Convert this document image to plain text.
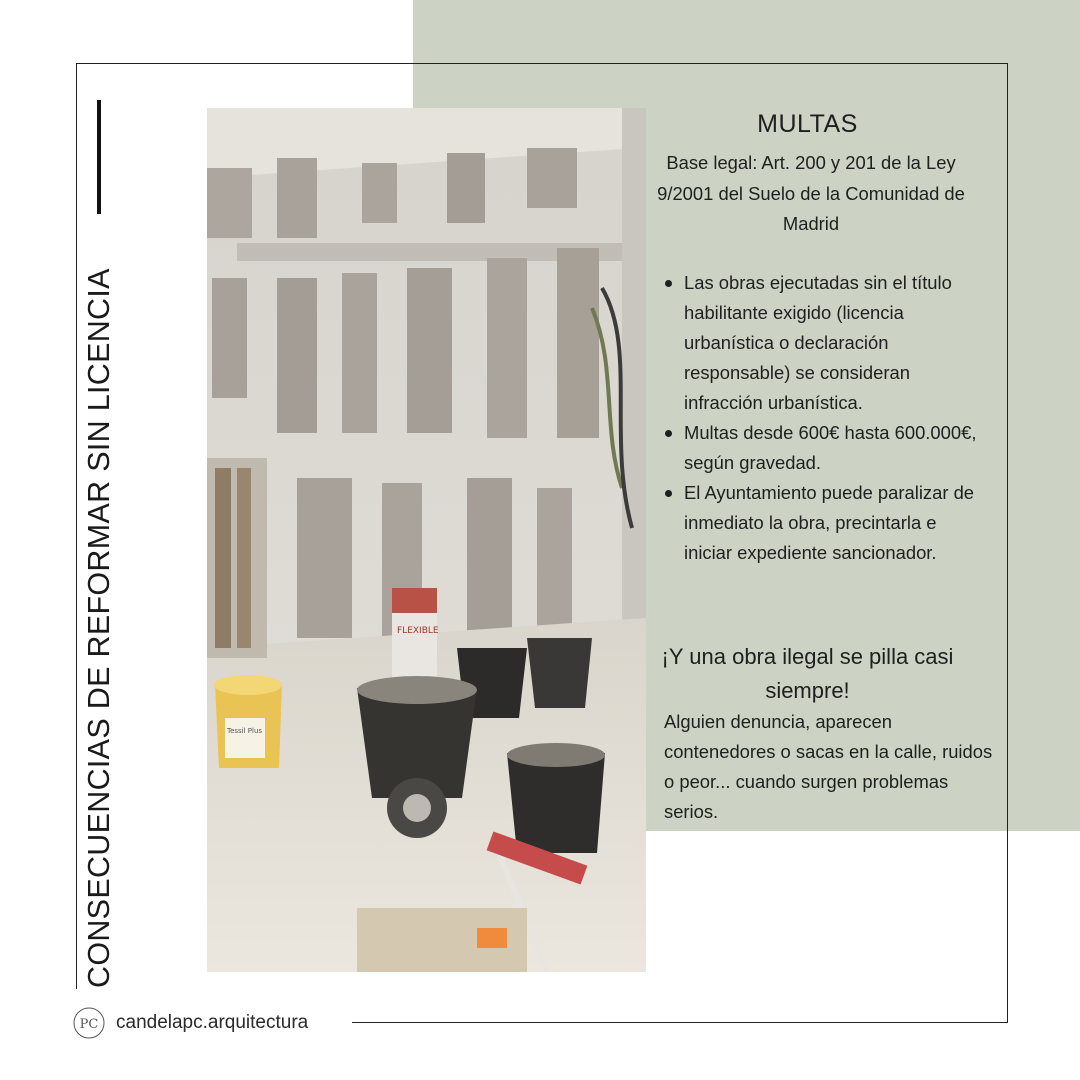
CONSECUENCIAS DE REFORMAR SIN LICENCIA	FLEXIBLE
Tessil Plus
MULTAS
Base legal: Art. 200 y 201 de la Ley 9/2001 del Suelo de la Comunidad de Madrid
Las obras ejecutadas sin el título habilitante exigido (licencia urbanística o declaración responsable) se consideran infracción urbanística.
Multas desde 600€ hasta 600.000€, según gravedad.
El Ayuntamiento puede paralizar de inmediato la obra, precintarla e iniciar expediente sancionador.
¡Y una obra ilegal se pilla casi siempre!
Alguien denuncia, aparecen contenedores o sacas en la calle, ruidos o peor... cuando surgen problemas serios.
PC candelapc.arquitectura
